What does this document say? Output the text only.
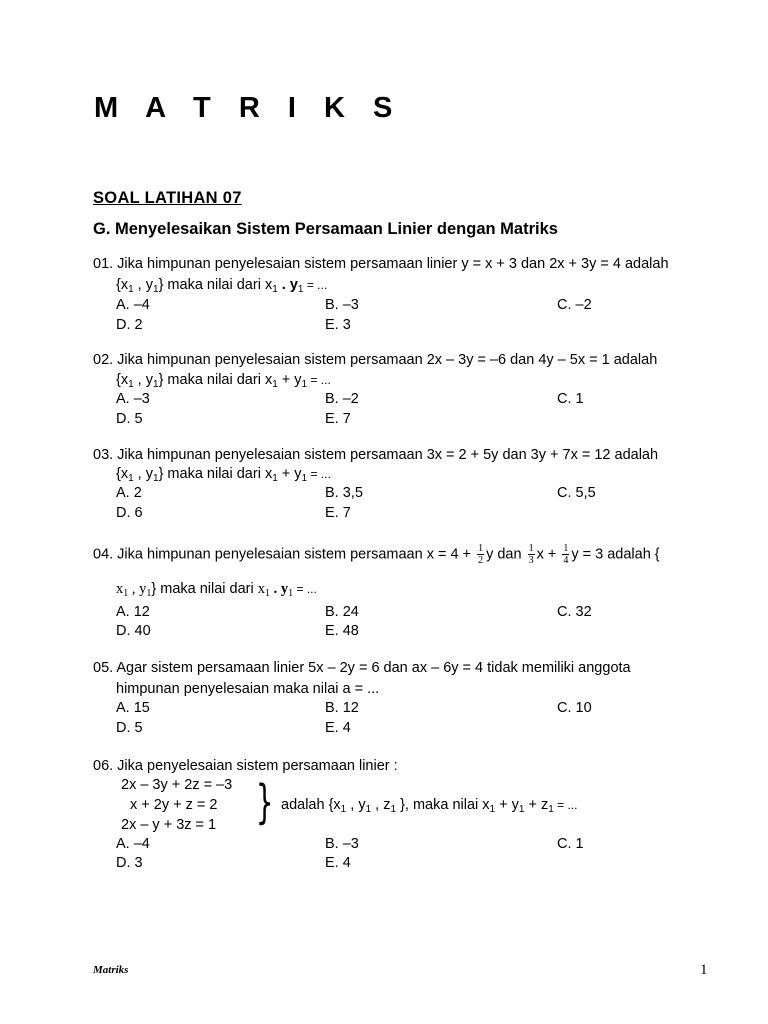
M A T R I K S
SOAL LATIHAN 07
G. Menyelesaikan Sistem Persamaan Linier dengan Matriks
01. Jika himpunan penyelesaian sistem persamaan linier y = x + 3 dan 2x + 3y = 4 adalah
{$x_1$ , $y_1$} maka nilai dari $x_1$ . $y_1$ = ...
A. –4	B. –3	C. –2
D. 2	E. 3
02. Jika himpunan penyelesaian sistem persamaan 2x – 3y = –6 dan 4y – 5x = 1 adalah
{$x_1$ , $y_1$} maka nilai dari $x_1 + y_1$ = ...
A. –3	B. –2	C. 1
D. 5	E. 7
03. Jika himpunan penyelesaian sistem persamaan 3x = 2 + 5y dan 3y + 7x = 12 adalah
{$x_1$ , $y_1$} maka nilai dari $x_1 + y_1$ = ...
A. 2	B. 3,5	C. 5,5
D. 6	E. 7
04. Jika himpunan penyelesaian sistem persamaan $x = 4 + \frac{1}{2}$ y dan $\frac{1}{3}$ $x + \frac{1}{4}$ y = 3 adalah {
$x_1$ , $y_1$} maka nilai dari $x_1$ . $y_1$ = ...
A. 12	B. 24	C. 32
D. 40	E. 48
05. Agar sistem persamaan linier 5x – 2y = 6 dan ax – 6y = 4 tidak memiliki anggota
himpunan penyelesaian maka nilai a = ...
A. 15	B. 12	C. 10
D. 5	E. 4
06. Jika penyelesaian sistem persamaan linier :
2x – 3y + 2z = –3
x + 2y + z = 2
2x – y + 3z = 1 } adalah {$x_1$ , $y_1$ , $z_1$ }, maka nilai $x_1 + y_1 + z_1$ = ...
A. –4	B. –3	C. 1
D. 3	E. 4
Matriks	1
